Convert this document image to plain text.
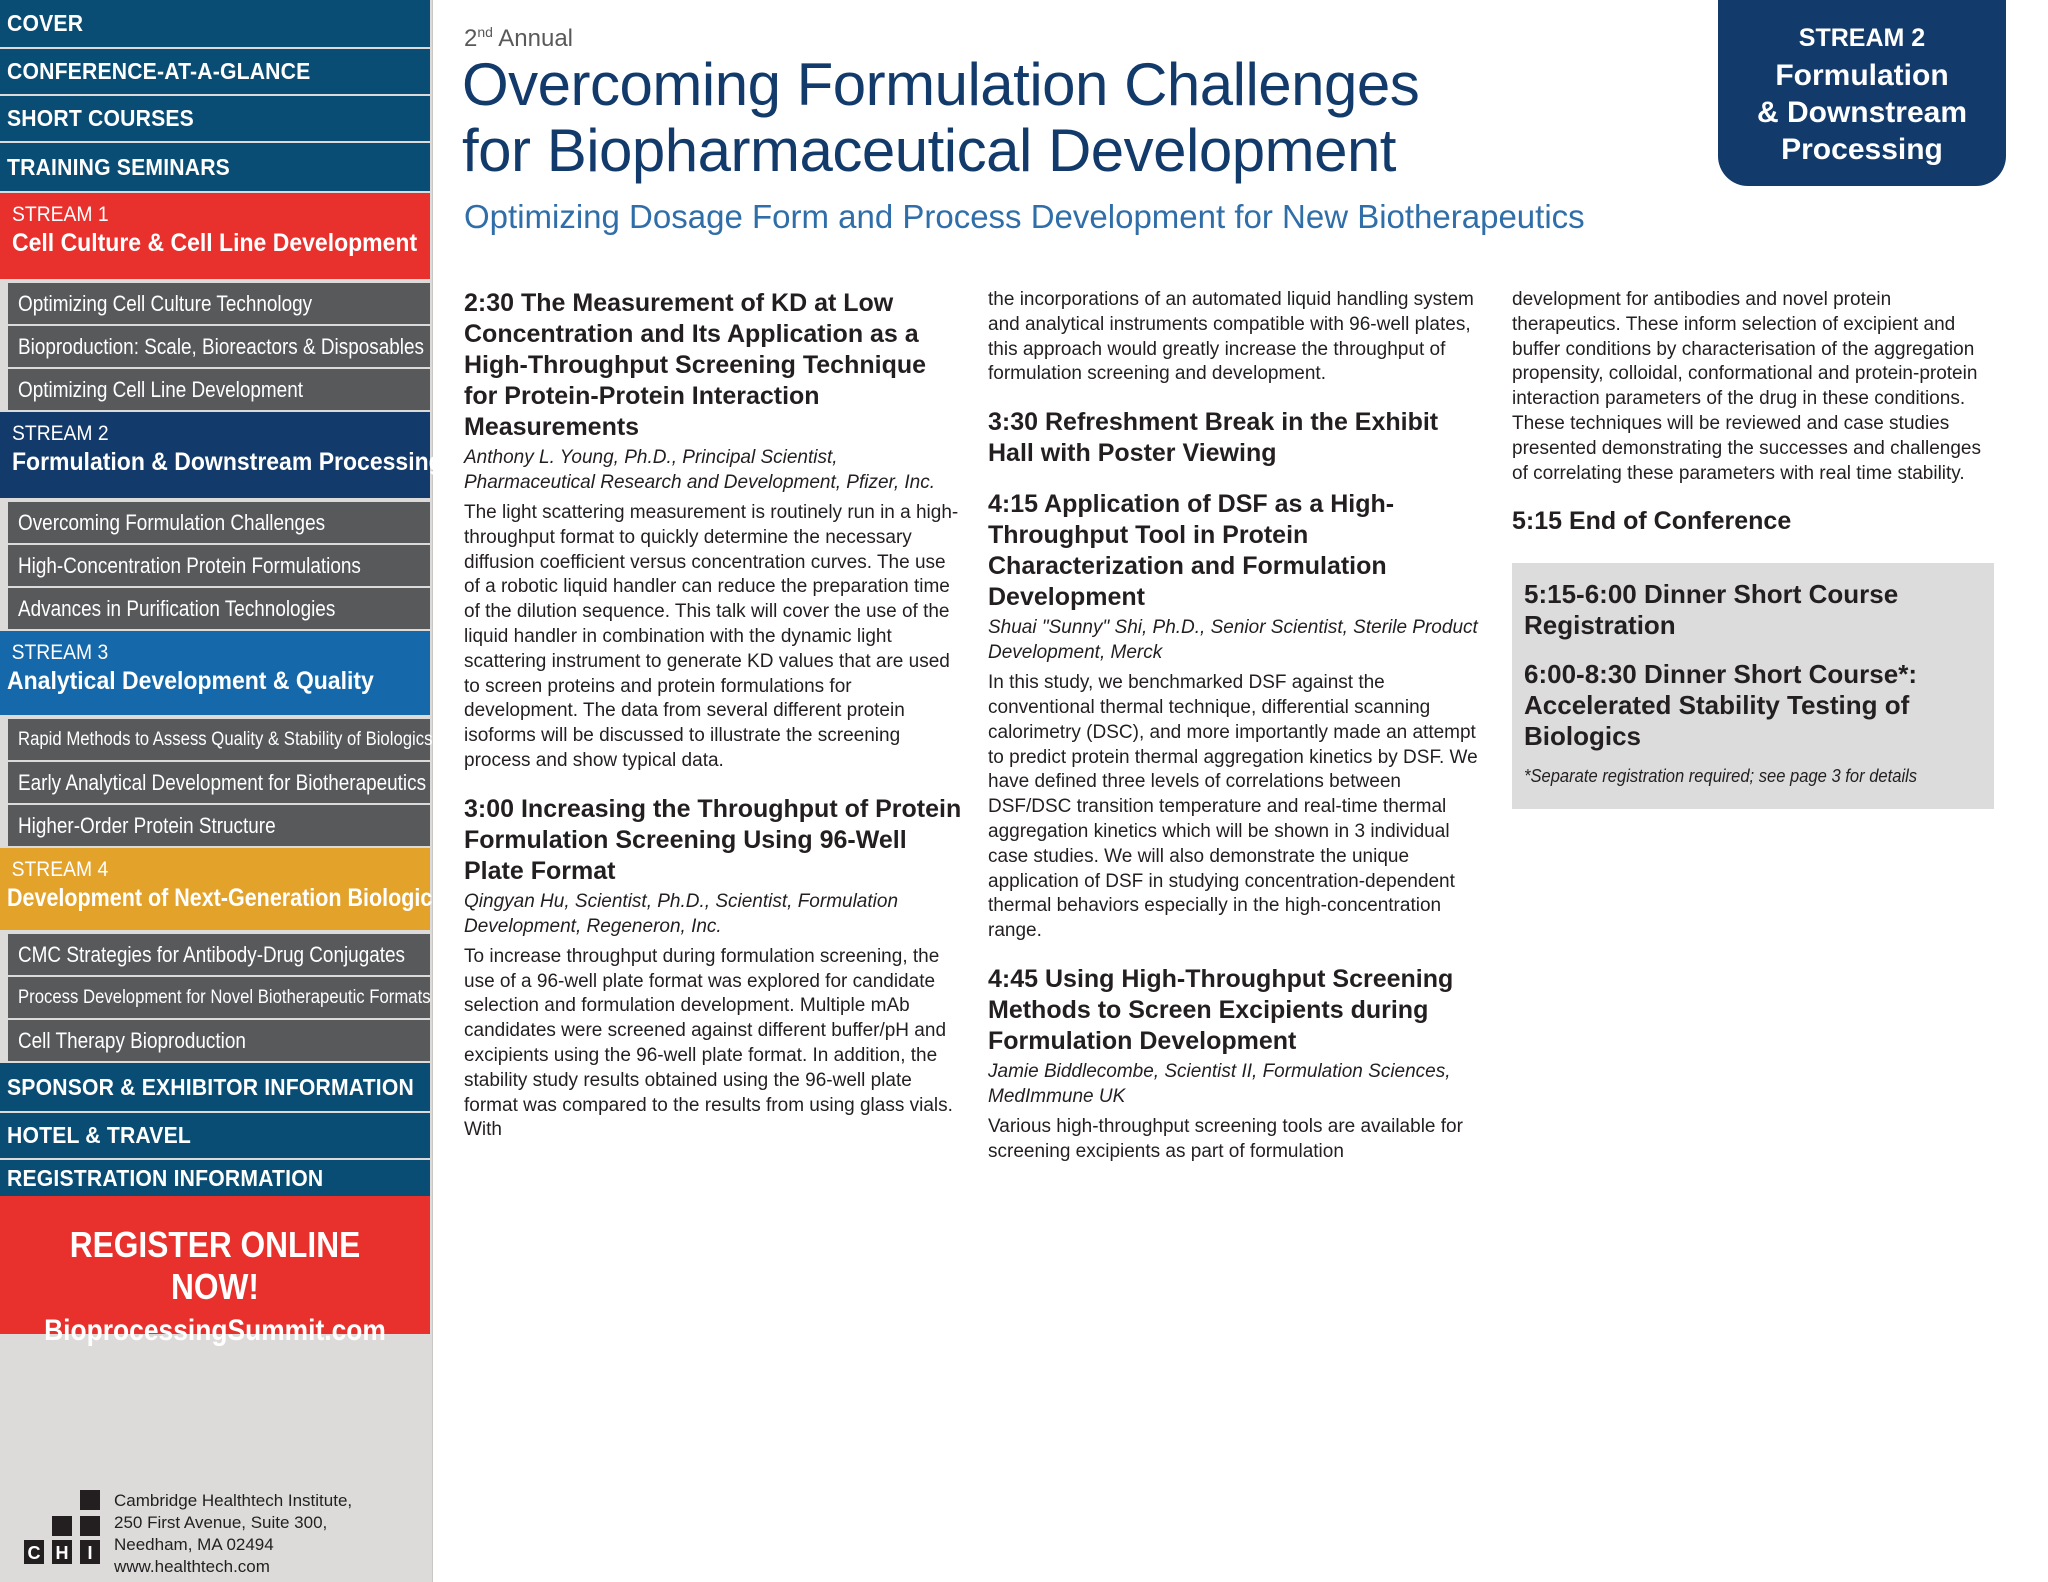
COVER
CONFERENCE-AT-A-GLANCE
SHORT COURSES
TRAINING SEMINARS
STREAM 1
Cell Culture & Cell Line Development
Optimizing Cell Culture Technology
Bioproduction: Scale, Bioreactors & Disposables
Optimizing Cell Line Development
STREAM 2
Formulation & Downstream Processing
Overcoming Formulation Challenges
High-Concentration Protein Formulations
Advances in Purification Technologies
STREAM 3
Analytical Development & Quality
Rapid Methods to Assess Quality & Stability of Biologics
Early Analytical Development for Biotherapeutics
Higher-Order Protein Structure
STREAM 4
Development of Next-Generation Biologics
CMC Strategies for Antibody-Drug Conjugates
Process Development for Novel Biotherapeutic Formats
Cell Therapy Bioproduction
SPONSOR & EXHIBITOR INFORMATION
HOTEL & TRAVEL
REGISTRATION INFORMATION
REGISTER ONLINE NOW!
BioprocessingSummit.com
C H I
Cambridge Healthtech Institute,
250 First Avenue, Suite 300,
Needham, MA 02494
www.healthtech.com
2nd Annual
Overcoming Formulation Challenges
for Biopharmaceutical Development
Optimizing Dosage Form and Process Development for New Biotherapeutics
STREAM 2
Formulation
& Downstream
Processing
2:30 The Measurement of KD at Low Concentration and Its Application as a High-Throughput Screening Technique for Protein-Protein Interaction Measurements
Anthony L. Young, Ph.D., Principal Scientist, Pharmaceutical Research and Development, Pfizer, Inc.
The light scattering measurement is routinely run in a high-throughput format to quickly determine the necessary diffusion coefficient versus concentration curves. The use of a robotic liquid handler can reduce the preparation time of the dilution sequence. This talk will cover the use of the liquid handler in combination with the dynamic light scattering instrument to generate KD values that are used to screen proteins and protein formulations for development. The data from several different protein isoforms will be discussed to illustrate the screening process and show typical data.
3:00 Increasing the Throughput of Protein Formulation Screening Using 96-Well Plate Format
Qingyan Hu, Scientist, Ph.D., Scientist, Formulation Development, Regeneron, Inc.
To increase throughput during formulation screening, the use of a 96-well plate format was explored for candidate selection and formulation development. Multiple mAb candidates were screened against different buffer/pH and excipients using the 96-well plate format. In addition, the stability study results obtained using the 96-well plate format was compared to the results from using glass vials. With
the incorporations of an automated liquid handling system and analytical instruments compatible with 96-well plates, this approach would greatly increase the throughput of formulation screening and development.
3:30 Refreshment Break in the Exhibit Hall with Poster Viewing
4:15 Application of DSF as a High-Throughput Tool in Protein Characterization and Formulation Development
Shuai "Sunny" Shi, Ph.D., Senior Scientist, Sterile Product Development, Merck
In this study, we benchmarked DSF against the conventional thermal technique, differential scanning calorimetry (DSC), and more importantly made an attempt to predict protein thermal aggregation kinetics by DSF. We have defined three levels of correlations between DSF/DSC transition temperature and real-time thermal aggregation kinetics which will be shown in 3 individual case studies. We will also demonstrate the unique application of DSF in studying concentration-dependent thermal behaviors especially in the high-concentration range.
4:45 Using High-Throughput Screening Methods to Screen Excipients during Formulation Development
Jamie Biddlecombe, Scientist II, Formulation Sciences, MedImmune UK
Various high-throughput screening tools are available for screening excipients as part of formulation
development for antibodies and novel protein therapeutics. These inform selection of excipient and buffer conditions by characterisation of the aggregation propensity, colloidal, conformational and protein-protein interaction parameters of the drug in these conditions. These techniques will be reviewed and case studies presented demonstrating the successes and challenges of correlating these parameters with real time stability.
5:15 End of Conference
5:15-6:00 Dinner Short Course Registration
6:00-8:30 Dinner Short Course*: Accelerated Stability Testing of Biologics
*Separate registration required; see page 3 for details
